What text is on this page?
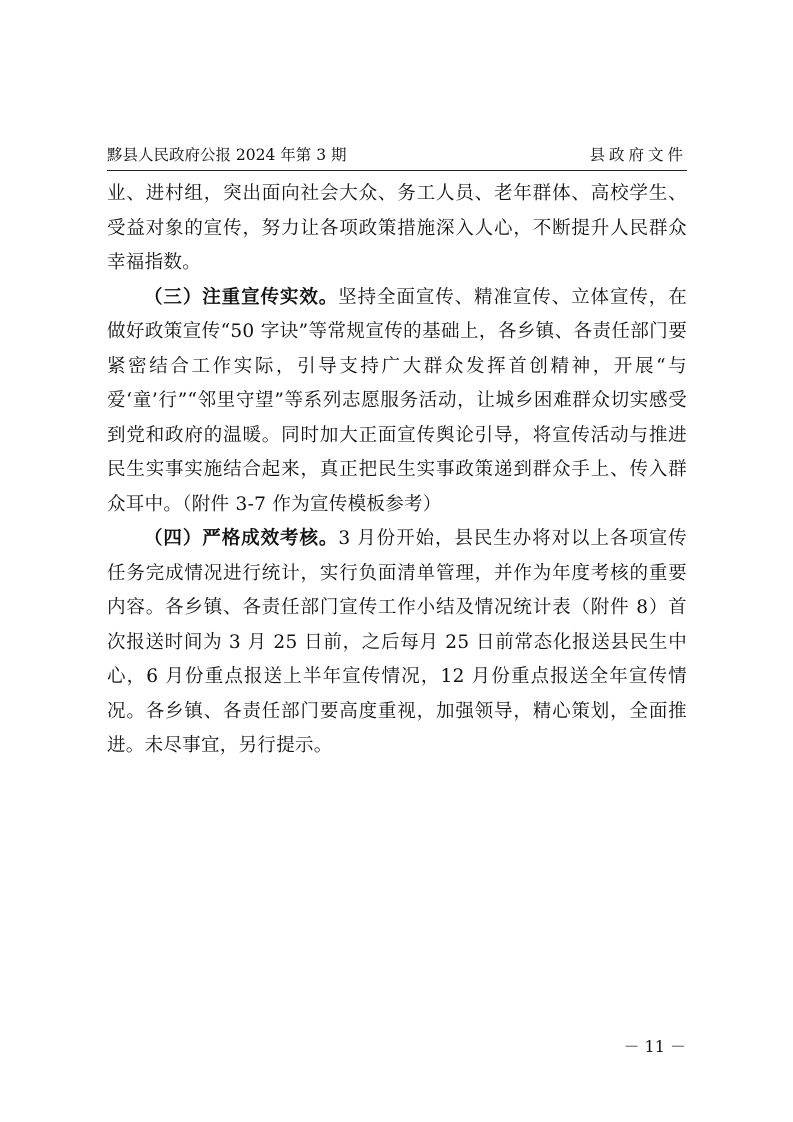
黟县人民政府公报 2024 年第 3 期	县政府文件

业、进村组，突出面向社会大众、务工人员、老年群体、高校学生、受益对象的宣传，努力让各项政策措施深入人心，不断提升人民群众幸福指数。

（三）注重宣传实效。坚持全面宣传、精准宣传、立体宣传，在做好政策宣传“50 字诀”等常规宣传的基础上，各乡镇、各责任部门要紧密结合工作实际，引导支持广大群众发挥首创精神，开展“与爱‘童’行”“邻里守望”等系列志愿服务活动，让城乡困难群众切实感受到党和政府的温暖。同时加大正面宣传舆论引导，将宣传活动与推进民生实事实施结合起来，真正把民生实事政策递到群众手上、传入群众耳中。（附件 3-7 作为宣传模板参考）

（四）严格成效考核。3 月份开始，县民生办将对以上各项宣传任务完成情况进行统计，实行负面清单管理，并作为年度考核的重要内容。各乡镇、各责任部门宣传工作小结及情况统计表（附件 8）首次报送时间为 3 月 25 日前，之后每月 25 日前常态化报送县民生中心，6 月份重点报送上半年宣传情况，12 月份重点报送全年宣传情况。各乡镇、各责任部门要高度重视，加强领导，精心策划，全面推进。未尽事宜，另行提示。

－ 11 －
